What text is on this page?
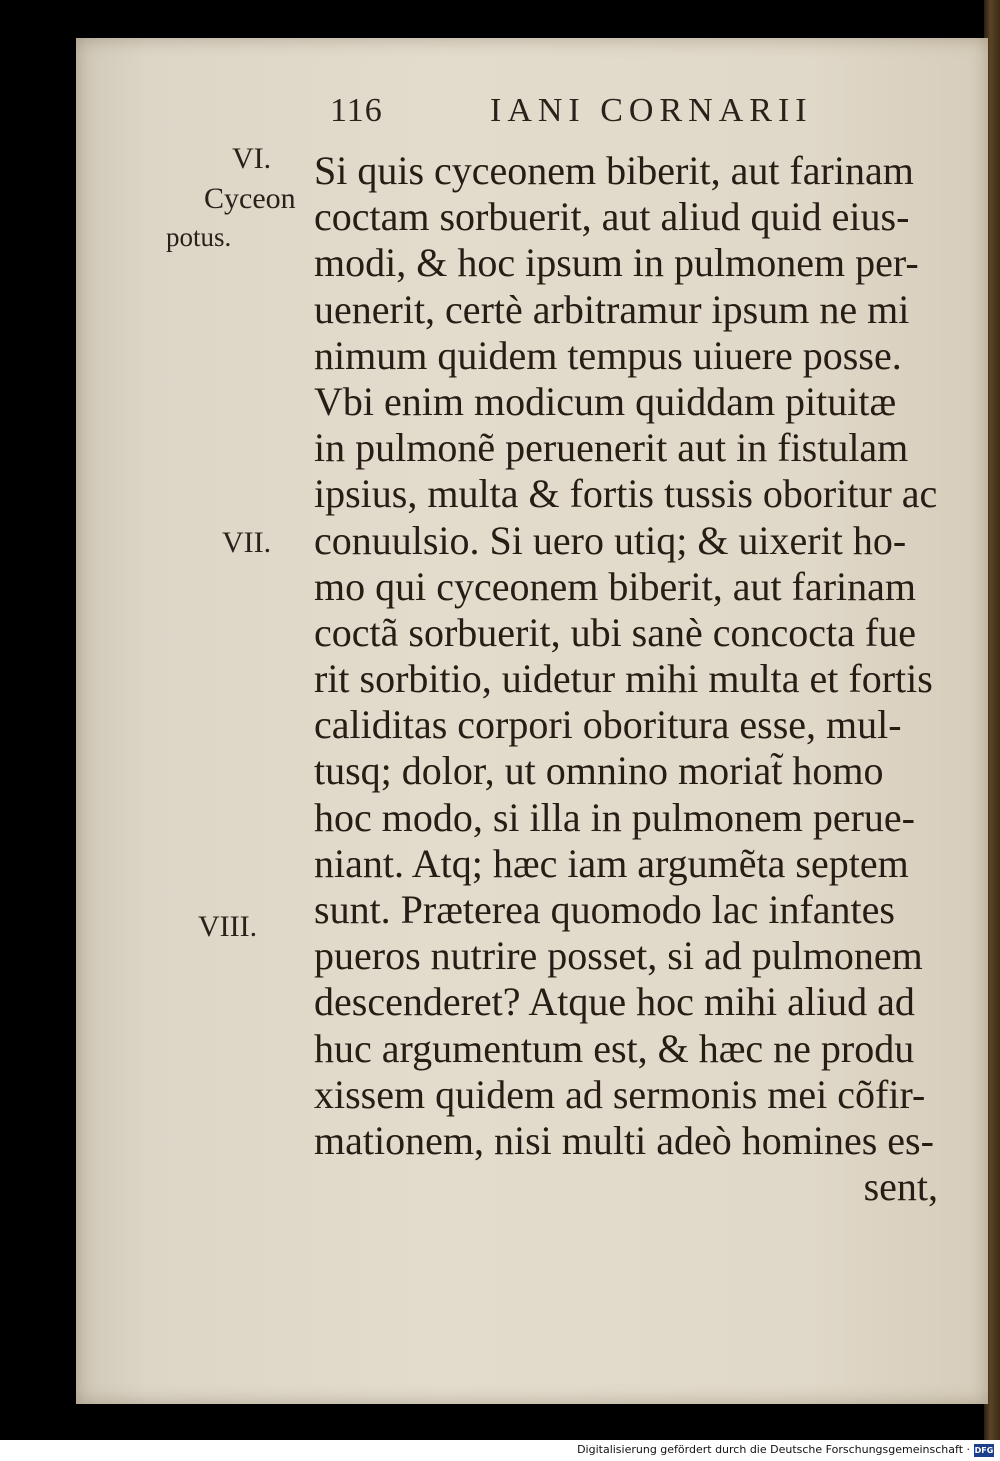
116	IANI CORNARII
VI.
Cyceon
potus.
VII.
VIII.
Si quis cyceonem biberit, aut farinam
coctam sorbuerit, aut aliud quid eius-
modi, & hoc ipsum in pulmonem per-
uenerit, certè arbitramur ipsum ne mi
nimum quidem tempus uiuere posse.
Vbi enim modicum quiddam pituitæ
in pulmonẽ peruenerit aut in fistulam
ipsius, multa & fortis tussis oboritur ac
conuulsio. Si uero utiq; & uixerit ho-
mo qui cyceonem biberit, aut farinam
coctã sorbuerit, ubi sanè concocta fue
rit sorbitio, uidetur mihi multa et fortis
caliditas corpori oboritura esse, mul-
tusq; dolor, ut omnino moriat̃ homo
hoc modo, si illa in pulmonem perue-
niant. Atq; hæc iam argumẽta septem
sunt. Præterea quomodo lac infantes
pueros nutrire posset, si ad pulmonem
descenderet? Atque hoc mihi aliud ad
huc argumentum est, & hæc ne produ
xissem quidem ad sermonis mei cõfir-
mationem, nisi multi adeò homines es-
sent,
Digitalisierung gefördert durch die Deutsche Forschungsgemeinschaft · DFG
